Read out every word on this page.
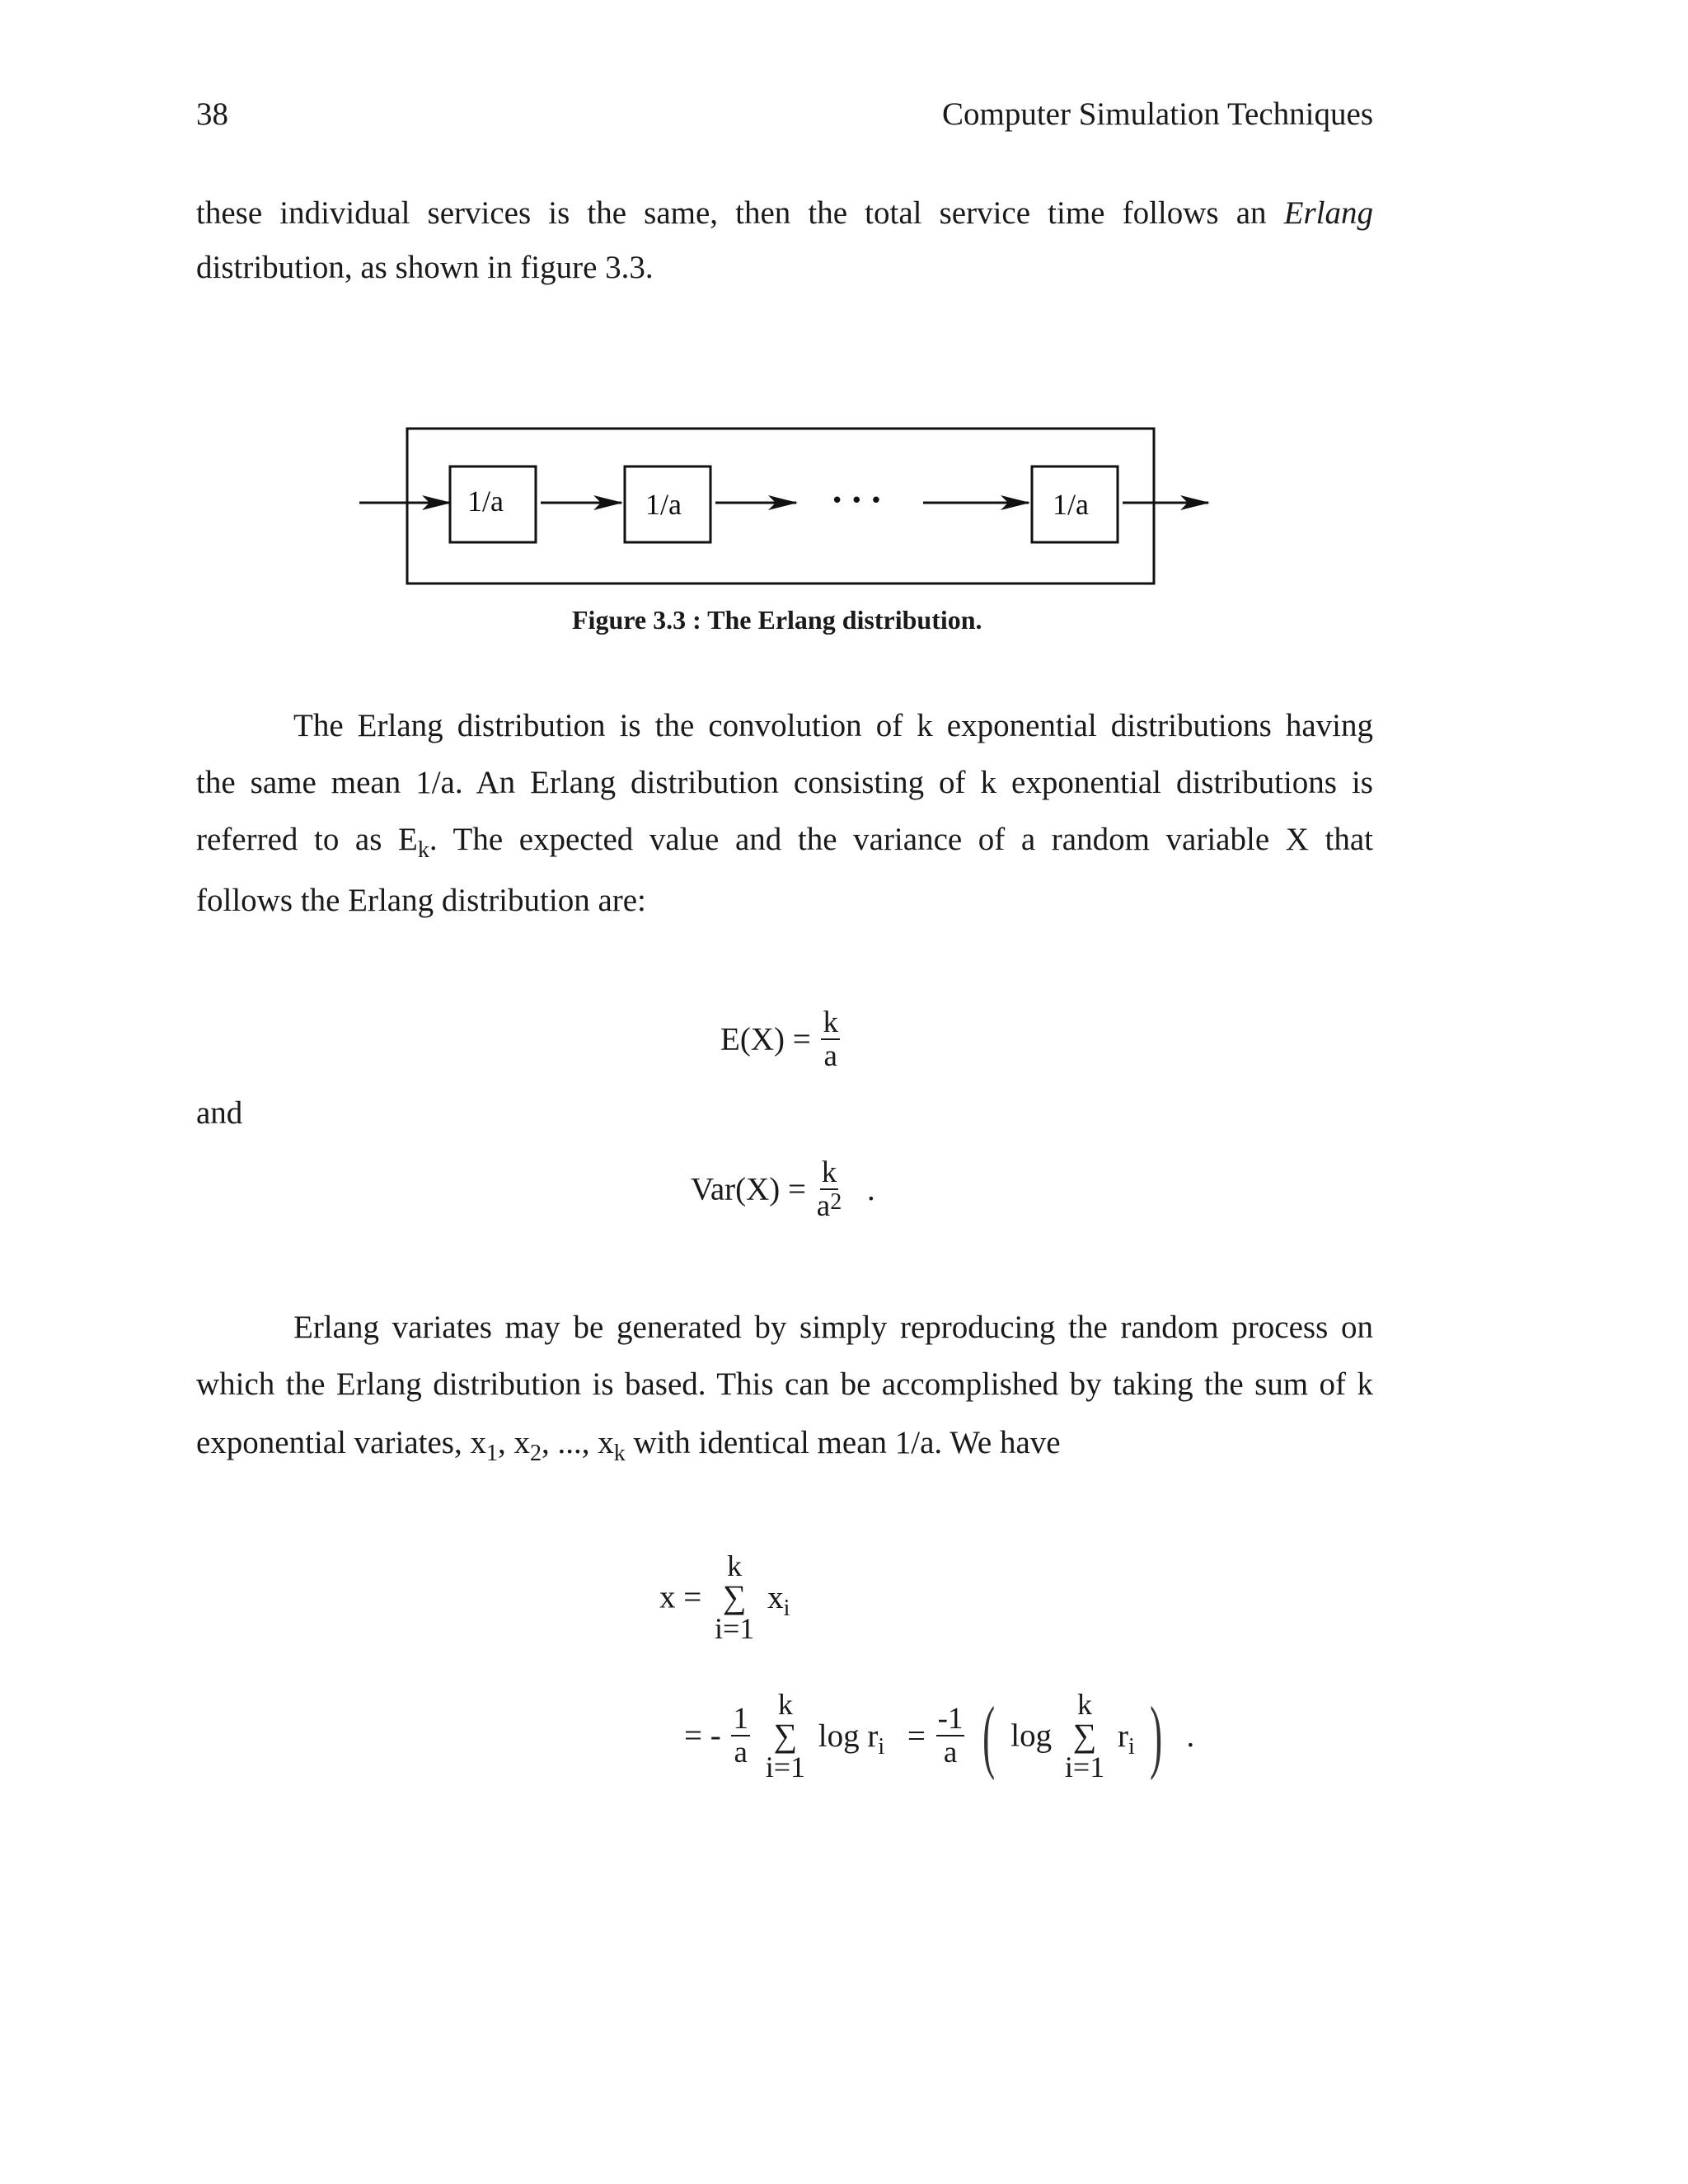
38	Computer Simulation Techniques
these individual services is the same, then the total service time follows an Erlang
distribution, as shown in figure 3.3.
1/a	1/a	1/a
• • •
Figure 3.3 : The Erlang distribution.
The Erlang distribution is the convolution of k exponential distributions having
the same mean 1/a. An Erlang distribution consisting of k exponential distributions is
referred to as $E_k$. The expected value and the variance of a random variable X that
follows the Erlang distribution are:
$E(X) = \frac{k}{a}$
and
$Var(X) = \frac{k}{a^2}$ .
Erlang variates may be generated by simply reproducing the random process on
which the Erlang distribution is based. This can be accomplished by taking the sum of k
exponential variates, $x_1$, $x_2$, ..., $x_k$ with identical mean 1/a. We have
x =
k
∑
i=1
$x_i$
= - $\frac{1}{a}$
k
∑
i=1
$\log r_i = \frac{-1}{a}$ ( log
k
∑
i=1
$r_i$ ) .
